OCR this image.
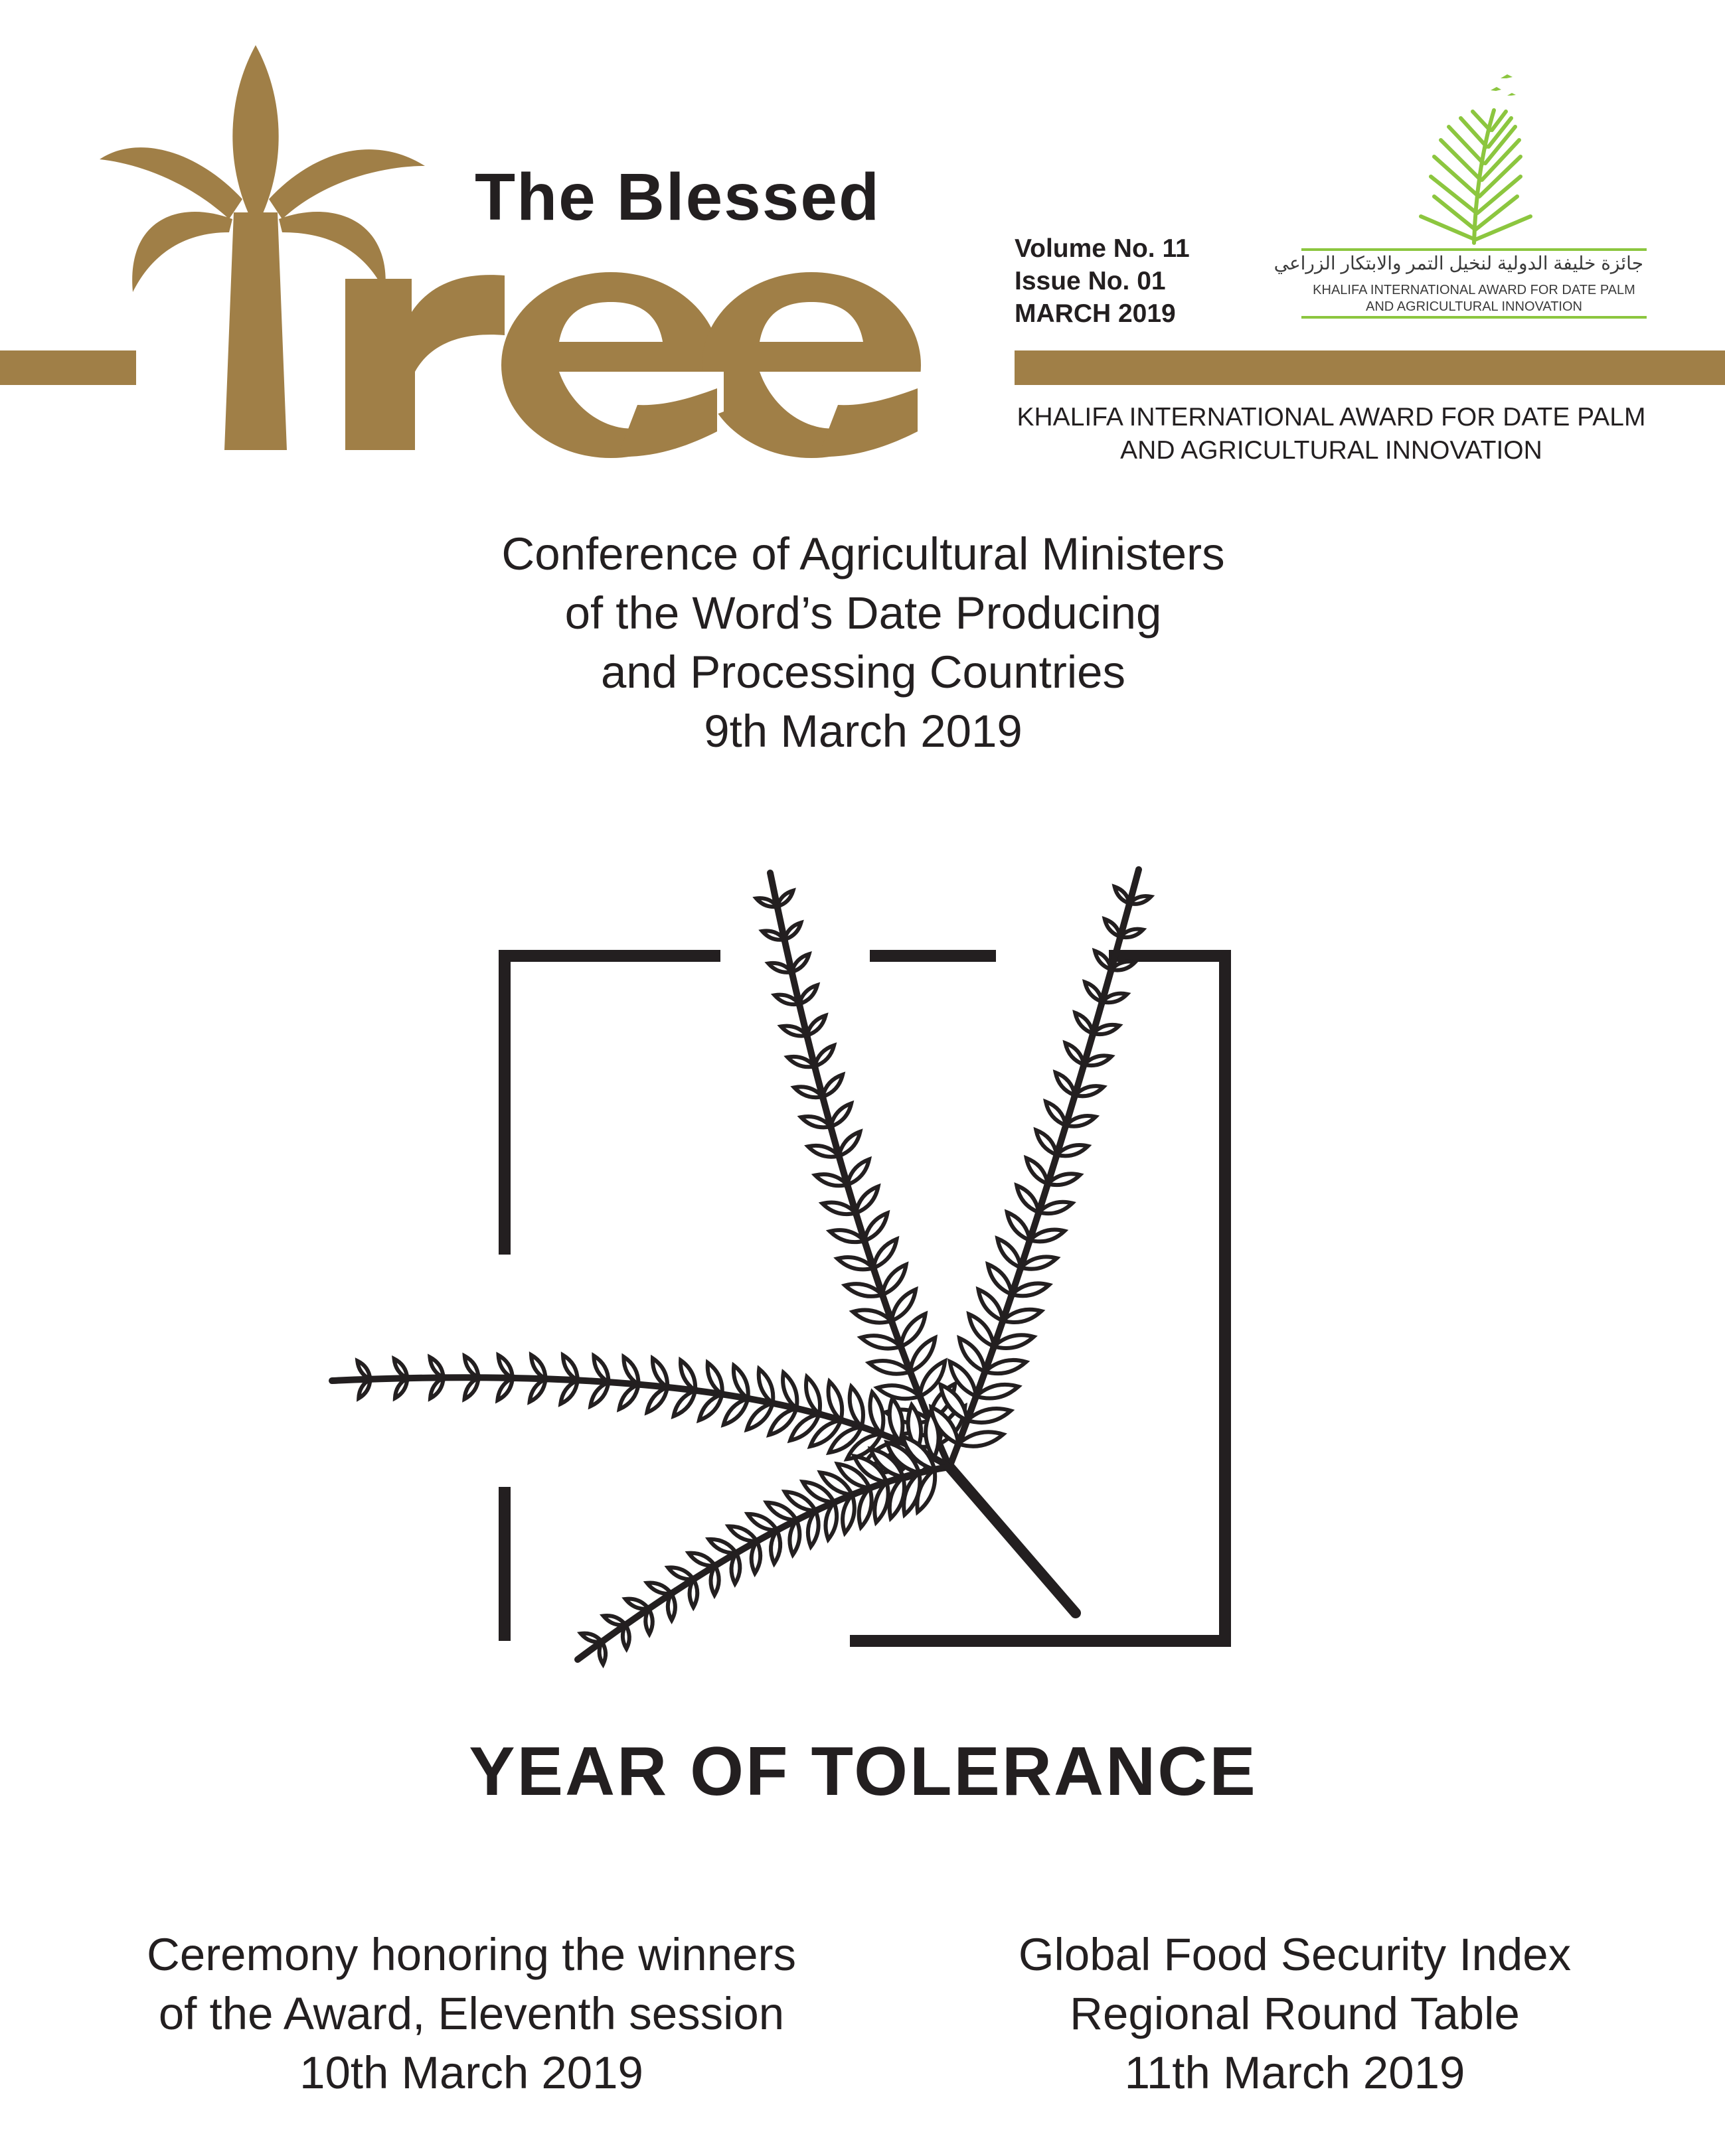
The Blessed
Volume No. 11
Issue No. 01
MARCH 2019
KHALIFA INTERNATIONAL AWARD FOR DATE PALM
AND AGRICULTURAL INNOVATION
جائزة خليفة الدولية لنخيل التمر والابتكار الزراعي
KHALIFA INTERNATIONAL AWARD FOR DATE PALM
AND AGRICULTURAL INNOVATION
Conference of Agricultural Ministers
of the Word’s Date Producing
and Processing Countries
9th March 2019
YEAR OF TOLERANCE
Ceremony honoring the winners
of the Award, Eleventh session
10th March 2019
Global Food Security Index
Regional Round Table
11th March 2019
